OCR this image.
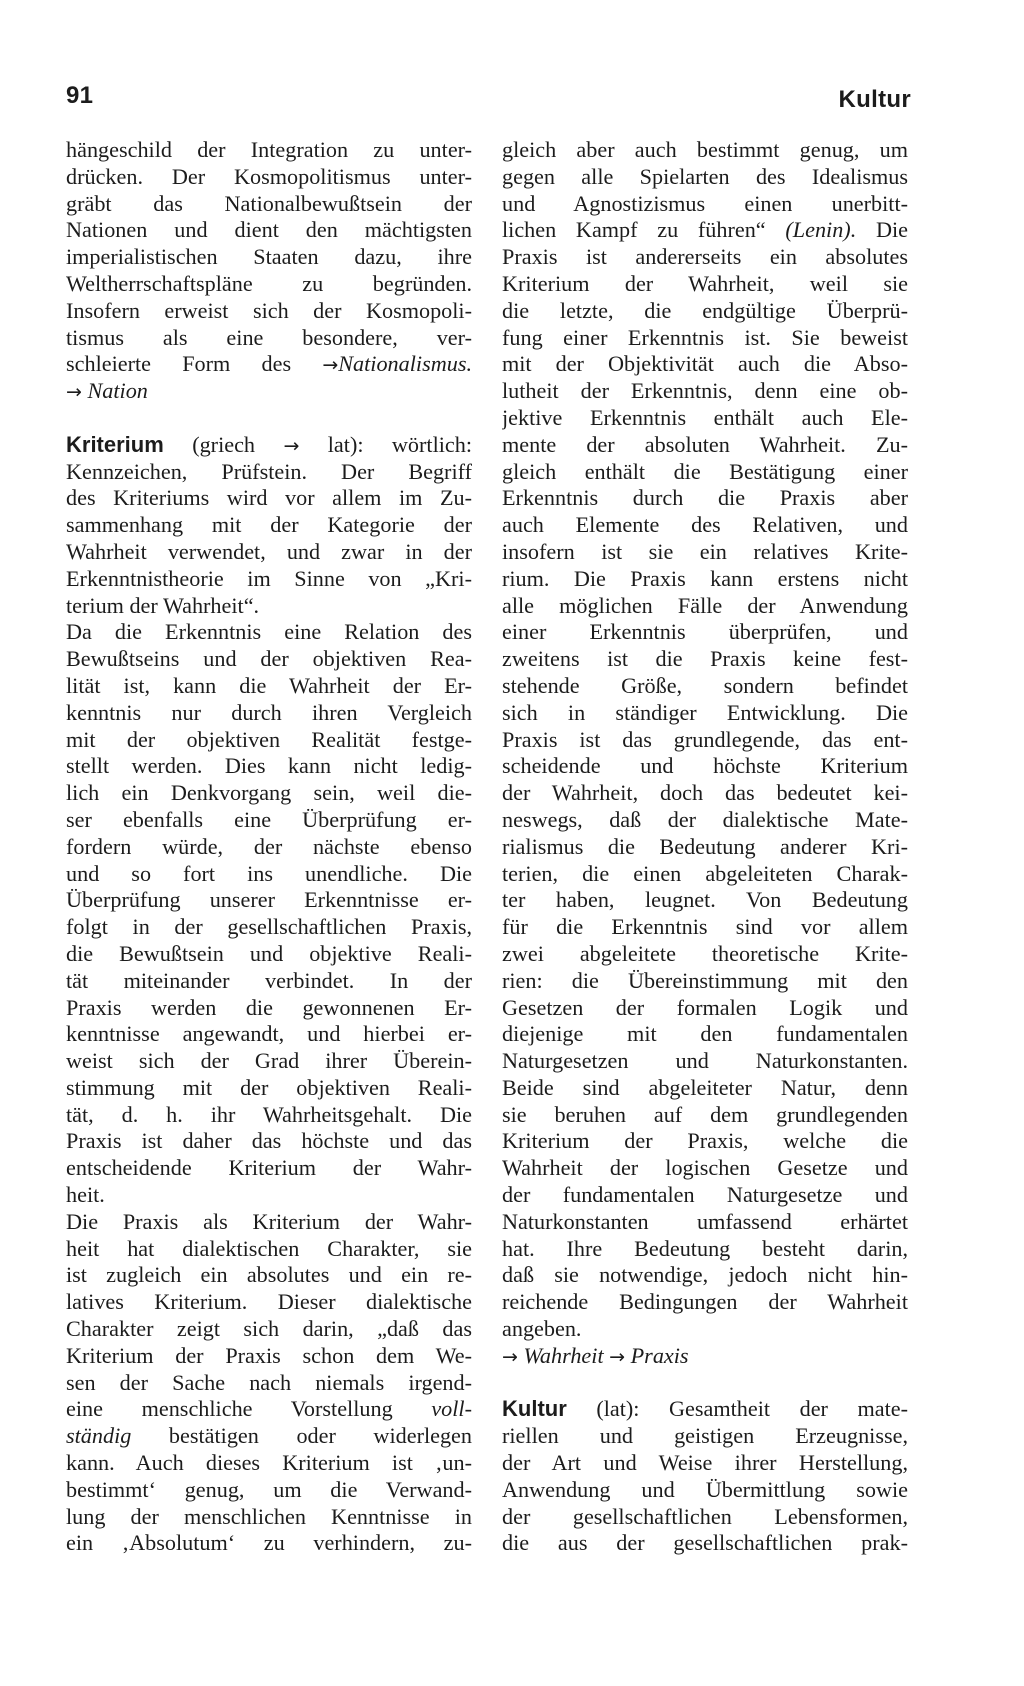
91	Kultur
hängeschild der Integration zu unter-
drücken. Der Kosmopolitismus unter-
gräbt das Nationalbewußtsein der
Nationen und dient den mächtigsten
imperialistischen Staaten dazu, ihre
Weltherrschaftspläne zu begründen.
Insofern erweist sich der Kosmopoli-
tismus als eine besondere, ver-
schleierte Form des →Nationalismus.
→ Nation
Kriterium (griech → lat): wörtlich:
Kennzeichen, Prüfstein. Der Begriff
des Kriteriums wird vor allem im Zu-
sammenhang mit der Kategorie der
Wahrheit verwendet, und zwar in der
Erkenntnistheorie im Sinne von „Kri-
terium der Wahrheit“.
Da die Erkenntnis eine Relation des
Bewußtseins und der objektiven Rea-
lität ist, kann die Wahrheit der Er-
kenntnis nur durch ihren Vergleich
mit der objektiven Realität festge-
stellt werden. Dies kann nicht ledig-
lich ein Denkvorgang sein, weil die-
ser ebenfalls eine Überprüfung er-
fordern würde, der nächste ebenso
und so fort ins unendliche. Die
Überprüfung unserer Erkenntnisse er-
folgt in der gesellschaftlichen Praxis,
die Bewußtsein und objektive Reali-
tät miteinander verbindet. In der
Praxis werden die gewonnenen Er-
kenntnisse angewandt, und hierbei er-
weist sich der Grad ihrer Überein-
stimmung mit der objektiven Reali-
tät, d. h. ihr Wahrheitsgehalt. Die
Praxis ist daher das höchste und das
entscheidende Kriterium der Wahr-
heit.
Die Praxis als Kriterium der Wahr-
heit hat dialektischen Charakter, sie
ist zugleich ein absolutes und ein re-
latives Kriterium. Dieser dialektische
Charakter zeigt sich darin, „daß das
Kriterium der Praxis schon dem We-
sen der Sache nach niemals irgend-
eine menschliche Vorstellung voll-
ständig bestätigen oder widerlegen
kann. Auch dieses Kriterium ist ‚un-
bestimmt‘ genug, um die Verwand-
lung der menschlichen Kenntnisse in
ein ‚Absolutum‘ zu verhindern, zu-
gleich aber auch bestimmt genug, um
gegen alle Spielarten des Idealismus
und Agnostizismus einen unerbitt-
lichen Kampf zu führen“ (Lenin). Die
Praxis ist andererseits ein absolutes
Kriterium der Wahrheit, weil sie
die letzte, die endgültige Überprü-
fung einer Erkenntnis ist. Sie beweist
mit der Objektivität auch die Abso-
lutheit der Erkenntnis, denn eine ob-
jektive Erkenntnis enthält auch Ele-
mente der absoluten Wahrheit. Zu-
gleich enthält die Bestätigung einer
Erkenntnis durch die Praxis aber
auch Elemente des Relativen, und
insofern ist sie ein relatives Krite-
rium. Die Praxis kann erstens nicht
alle möglichen Fälle der Anwendung
einer Erkenntnis überprüfen, und
zweitens ist die Praxis keine fest-
stehende Größe, sondern befindet
sich in ständiger Entwicklung. Die
Praxis ist das grundlegende, das ent-
scheidende und höchste Kriterium
der Wahrheit, doch das bedeutet kei-
neswegs, daß der dialektische Mate-
rialismus die Bedeutung anderer Kri-
terien, die einen abgeleiteten Charak-
ter haben, leugnet. Von Bedeutung
für die Erkenntnis sind vor allem
zwei abgeleitete theoretische Krite-
rien: die Übereinstimmung mit den
Gesetzen der formalen Logik und
diejenige mit den fundamentalen
Naturgesetzen und Naturkonstanten.
Beide sind abgeleiteter Natur, denn
sie beruhen auf dem grundlegenden
Kriterium der Praxis, welche die
Wahrheit der logischen Gesetze und
der fundamentalen Naturgesetze und
Naturkonstanten umfassend erhärtet
hat. Ihre Bedeutung besteht darin,
daß sie notwendige, jedoch nicht hin-
reichende Bedingungen der Wahrheit
angeben.
→ Wahrheit → Praxis
Kultur (lat): Gesamtheit der mate-
riellen und geistigen Erzeugnisse,
der Art und Weise ihrer Herstellung,
Anwendung und Übermittlung sowie
der gesellschaftlichen Lebensformen,
die aus der gesellschaftlichen prak-
